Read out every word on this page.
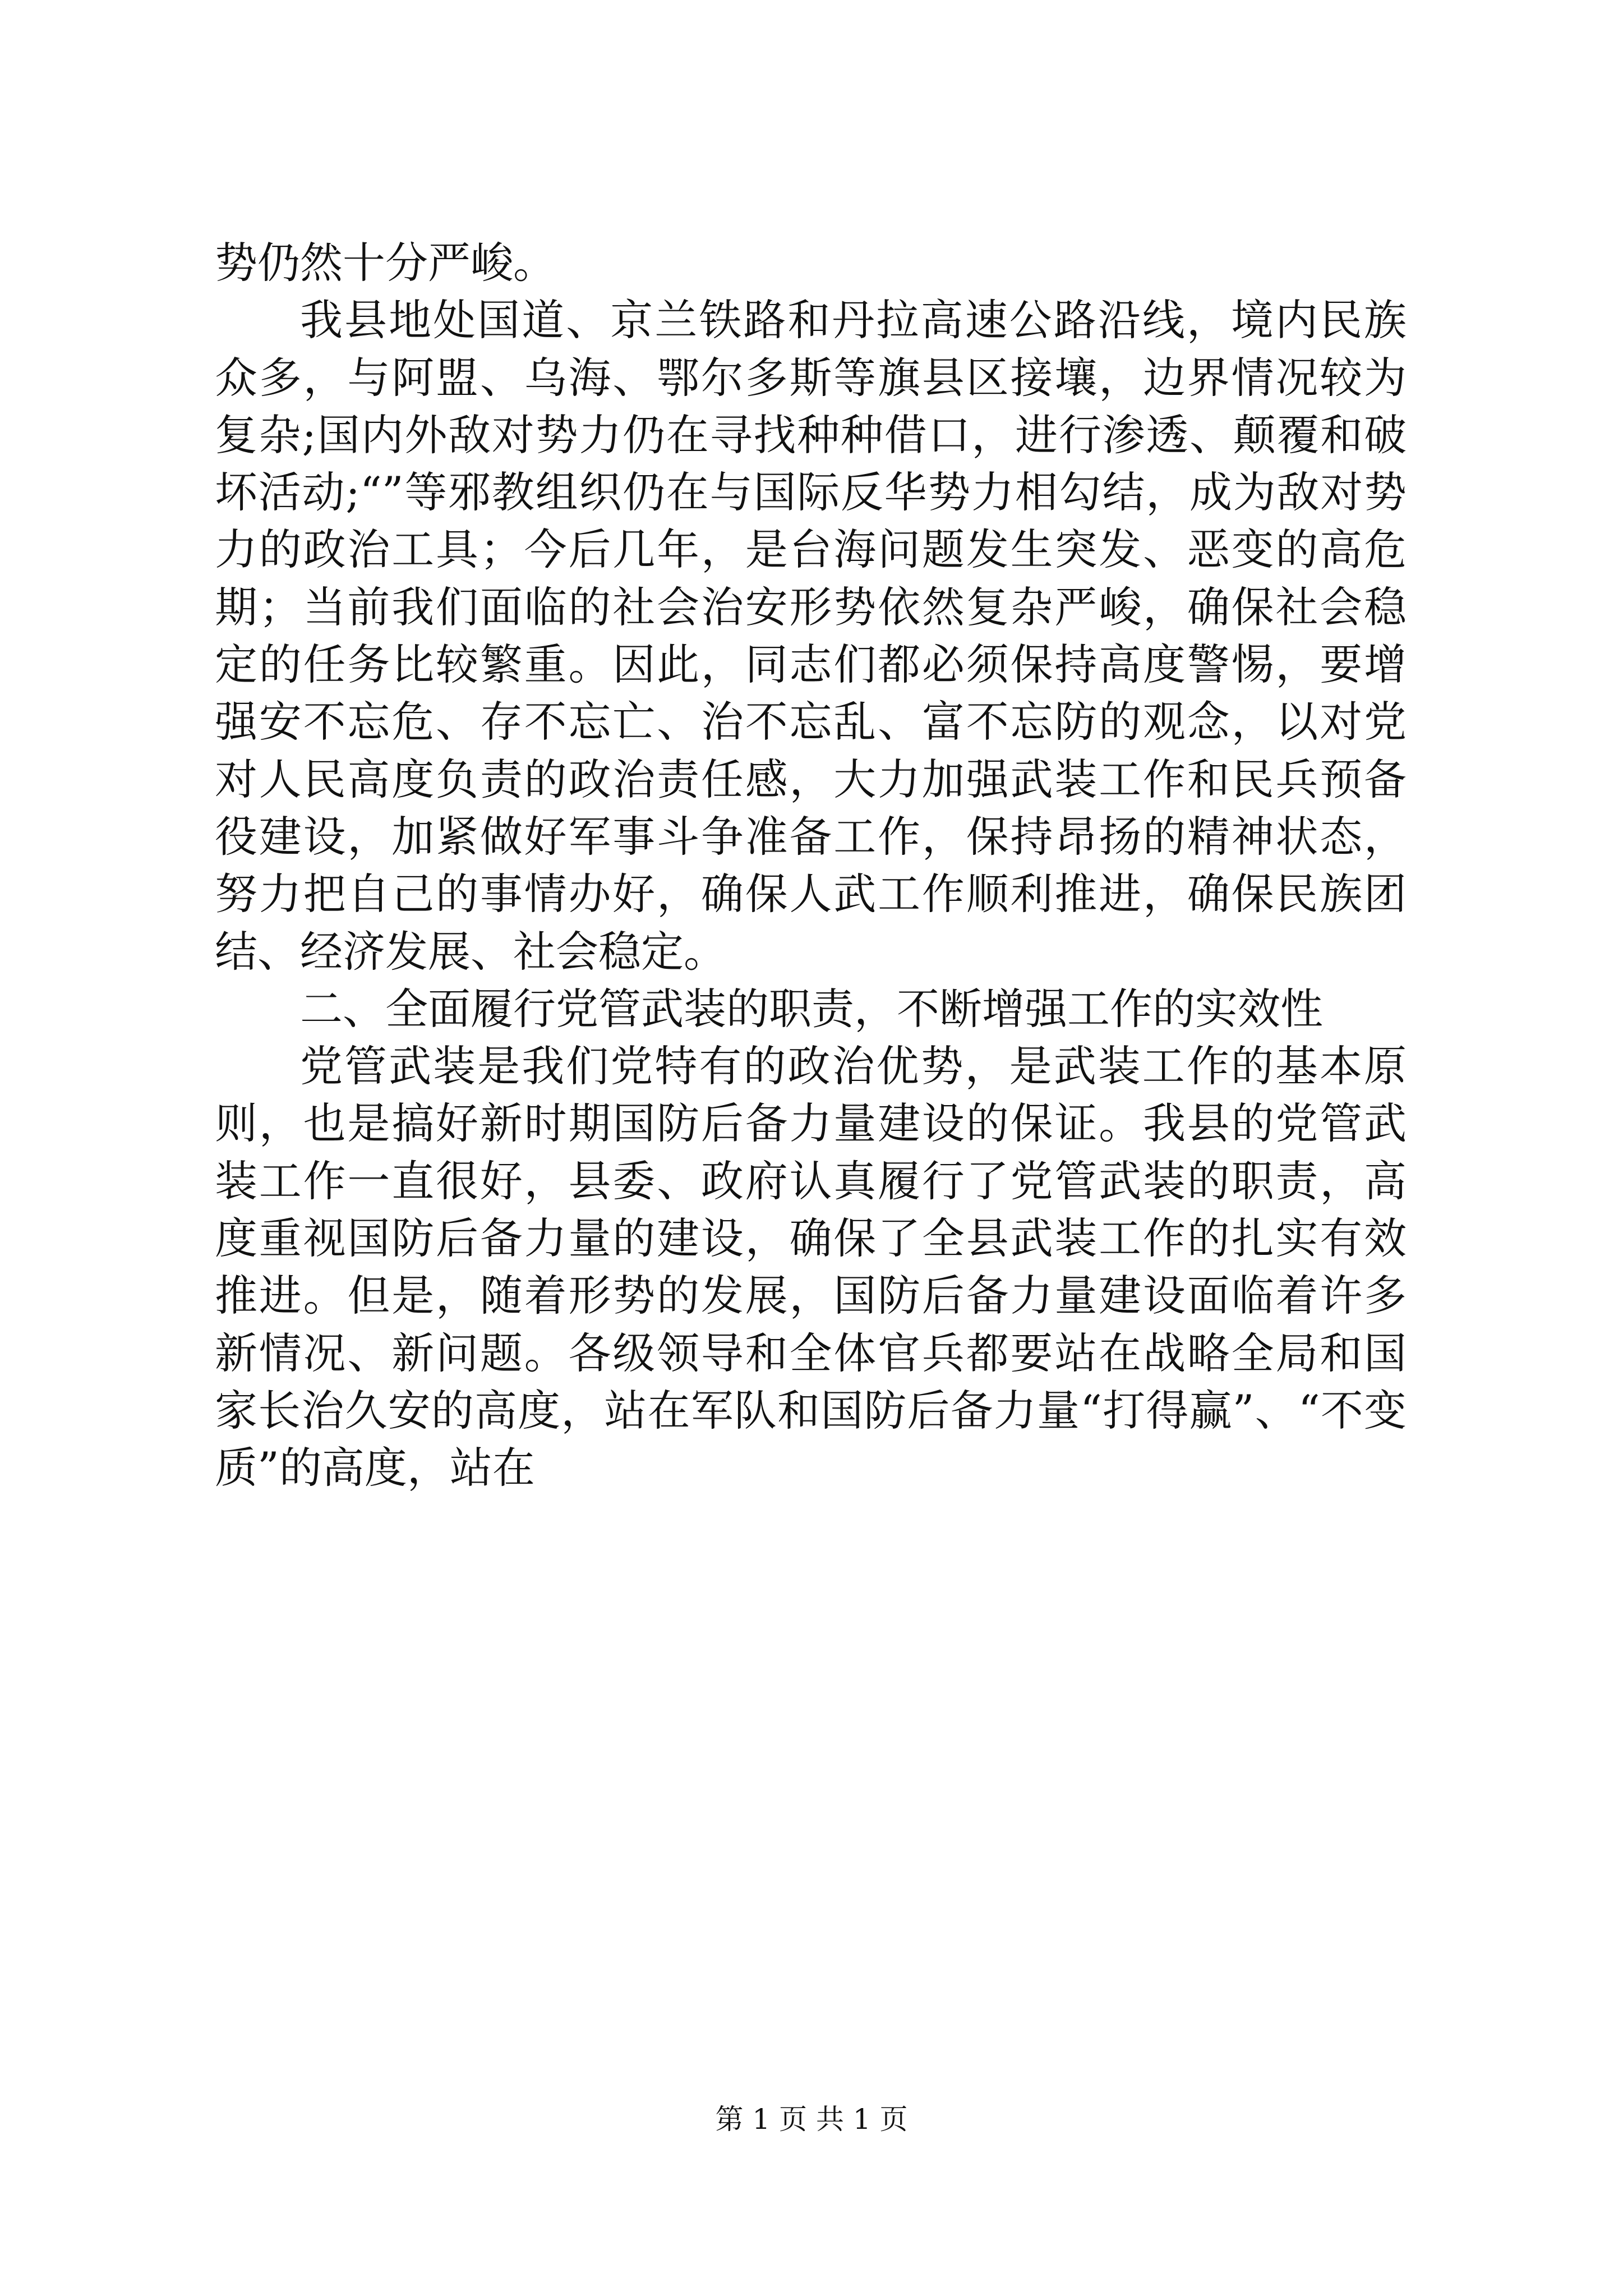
势仍然十分严峻。

我县地处国道、京兰铁路和丹拉高速公路沿线，境内民族众多，与阿盟、乌海、鄂尔多斯等旗县区接壤，边界情况较为复杂;国内外敌对势力仍在寻找种种借口，进行渗透、颠覆和破坏活动;“”等邪教组织仍在与国际反华势力相勾结，成为敌对势力的政治工具；今后几年，是台海问题发生突发、恶变的高危期；当前我们面临的社会治安形势依然复杂严峻，确保社会稳定的任务比较繁重。因此，同志们都必须保持高度警惕，要增强安不忘危、存不忘亡、治不忘乱、富不忘防的观念，以对党对人民高度负责的政治责任感，大力加强武装工作和民兵预备役建设，加紧做好军事斗争准备工作，保持昂扬的精神状态，努力把自己的事情办好，确保人武工作顺利推进，确保民族团结、经济发展、社会稳定。

二、全面履行党管武装的职责，不断增强工作的实效性

党管武装是我们党特有的政治优势，是武装工作的基本原则，也是搞好新时期国防后备力量建设的保证。我县的党管武装工作一直很好，县委、政府认真履行了党管武装的职责，高度重视国防后备力量的建设，确保了全县武装工作的扎实有效推进。但是，随着形势的发展，国防后备力量建设面临着许多新情况、新问题。各级领导和全体官兵都要站在战略全局和国家长治久安的高度，站在军队和国防后备力量“打得赢”、“不变质”的高度，站在

第 1 页 共 1 页
